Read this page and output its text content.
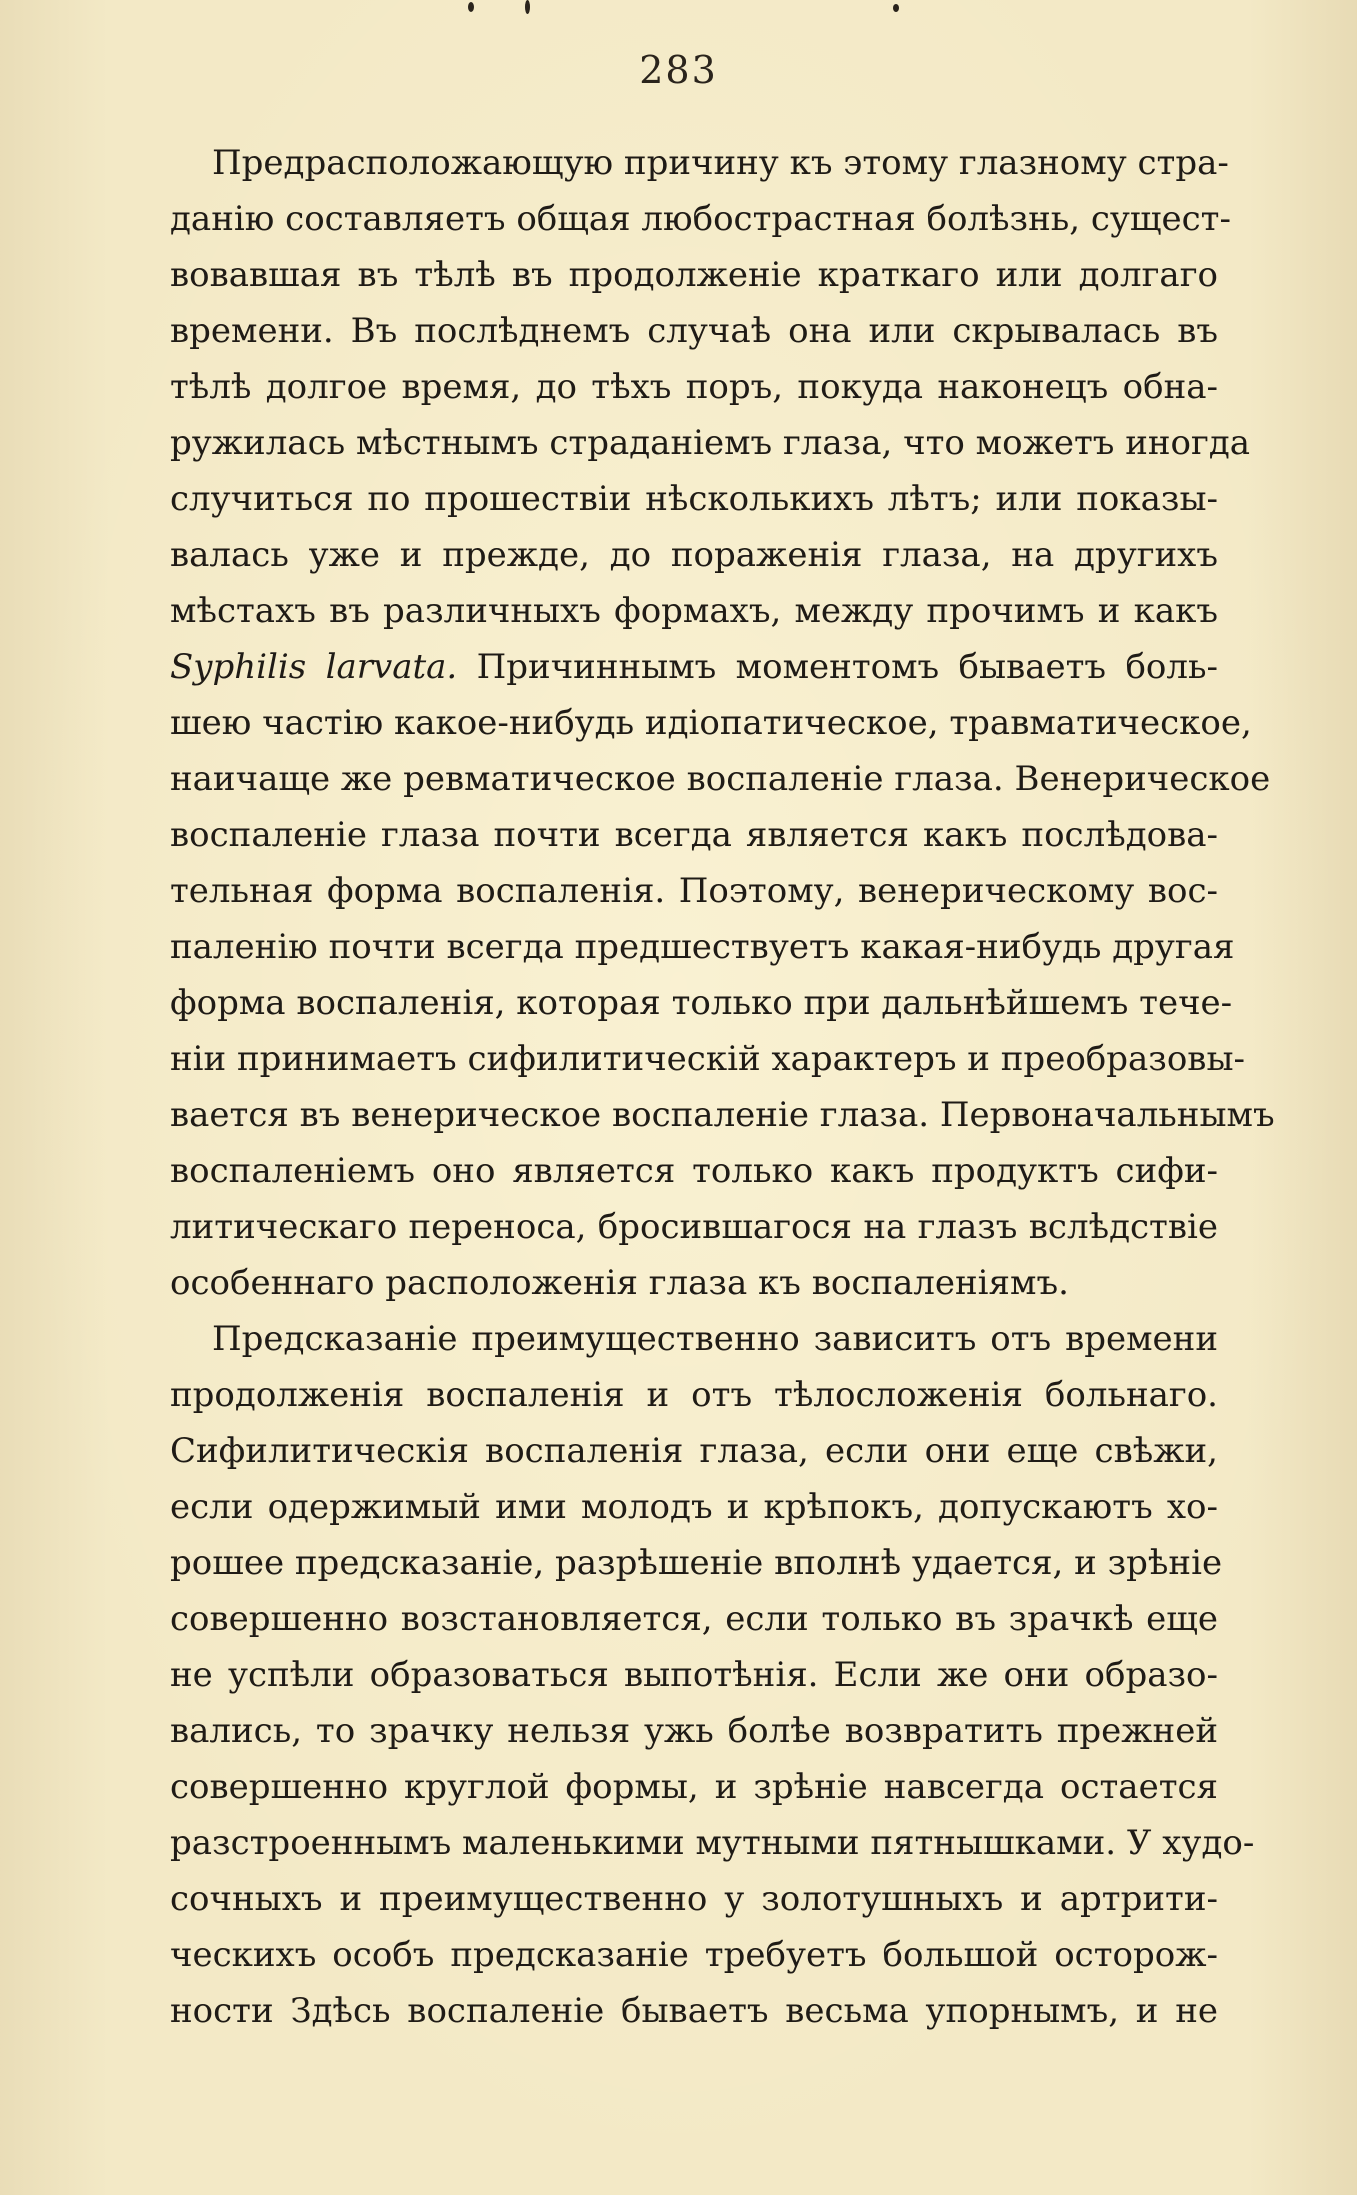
283
Предрасположающую причину къ этому глазному стра-
данію составляетъ общая любострастная болѣзнь, сущест-
вовавшая въ тѣлѣ въ продолженіе краткаго или долгаго
времени. Въ послѣднемъ случаѣ она или скрывалась въ
тѣлѣ долгое время, до тѣхъ поръ, покуда наконецъ обна-
ружилась мѣстнымъ страданіемъ глаза, что можетъ иногда
случиться по прошествіи нѣсколькихъ лѣтъ; или показы-
валась уже и прежде, до пораженія глаза, на другихъ
мѣстахъ въ различныхъ формахъ, между прочимъ и какъ
Syphilis larvata. Причиннымъ моментомъ бываетъ боль-
шею частію какое-нибудь идіопатическое, травматическое,
наичаще же ревматическое воспаленіе глаза. Венерическое
воспаленіе глаза почти всегда является какъ послѣдова-
тельная форма воспаленія. Поэтому, венерическому вос-
паленію почти всегда предшествуетъ какая-нибудь другая
форма воспаленія, которая только при дальнѣйшемъ тече-
ніи принимаетъ сифилитическій характеръ и преобразовы-
вается въ венерическое воспаленіе глаза. Первоначальнымъ
воспаленіемъ оно является только какъ продуктъ сифи-
литическаго переноса, бросившагося на глазъ вслѣдствіе
особеннаго расположенія глаза къ воспаленіямъ.
Предсказаніе преимущественно зависитъ отъ времени
продолженія воспаленія и отъ тѣлосложенія больнаго.
Сифилитическія воспаленія глаза, если они еще свѣжи,
если одержимый ими молодъ и крѣпокъ, допускаютъ хо-
рошее предсказаніе, разрѣшеніе вполнѣ удается, и зрѣніе
совершенно возстановляется, если только въ зрачкѣ еще
не успѣли образоваться выпотѣнія. Если же они образо-
вались, то зрачку нельзя ужь болѣе возвратить прежней
совершенно круглой формы, и зрѣніе навсегда остается
разстроеннымъ маленькими мутными пятнышками. У худо-
сочныхъ и преимущественно у золотушныхъ и артрити-
ческихъ особъ предсказаніе требуетъ большой осторож-
ности Здѣсь воспаленіе бываетъ весьма упорнымъ, и не
